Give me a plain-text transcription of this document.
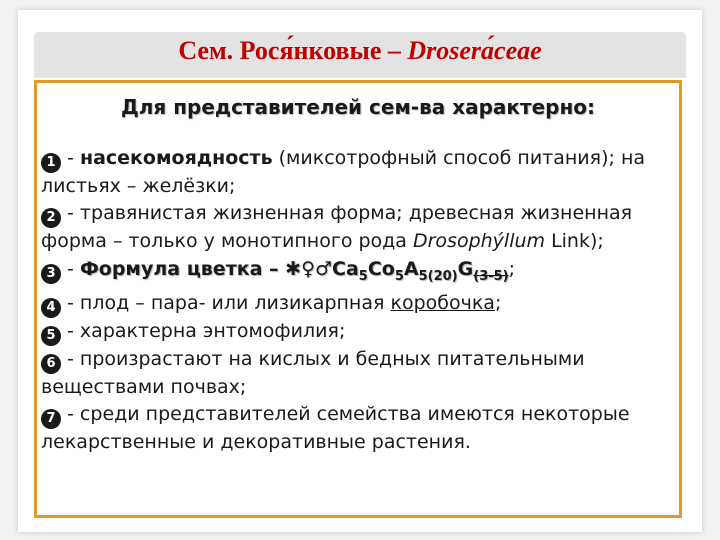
Сем. Рося́нковые – Droserа́ceae
Для представителей сем-ва характерно:

1 - насекомоядность (миксотрофный способ питания); на листьях – желёзки;

2 - травянистая жизненная форма; древесная жизненная форма – только у монотипного рода Drosophýllum Link);

3 - Формула цветка – $✱♀♂Ca_5Co_5A_{5(20)}G_{(3-5)}$;

4 - плод – пара- или лизикарпная коробочка;

5 - характерна энтомофилия;

6 - произрастают на кислых и бедных питательными веществами почвах;

7 - среди представителей семейства имеются некоторые лекарственные и декоративные растения.
